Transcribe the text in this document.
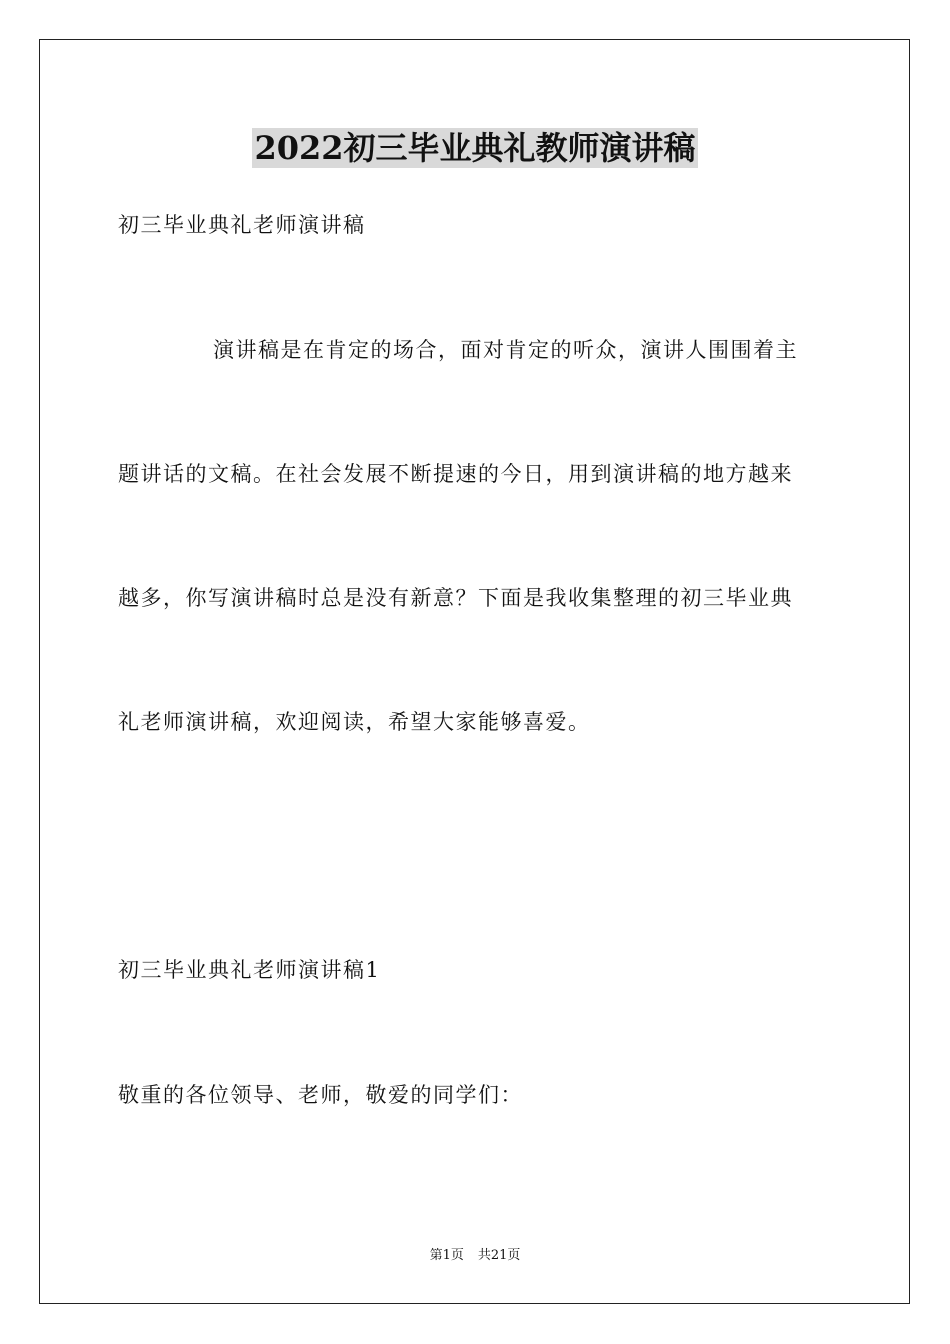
2022初三毕业典礼教师演讲稿
初三毕业典礼老师演讲稿
演讲稿是在肯定的场合，面对肯定的听众，演讲人围围着主
题讲话的文稿。在社会发展不断提速的今日，用到演讲稿的地方越来
越多，你写演讲稿时总是没有新意？下面是我收集整理的初三毕业典
礼老师演讲稿，欢迎阅读，希望大家能够喜爱。
初三毕业典礼老师演讲稿1
敬重的各位领导、老师，敬爱的同学们：
第1页 共21页
